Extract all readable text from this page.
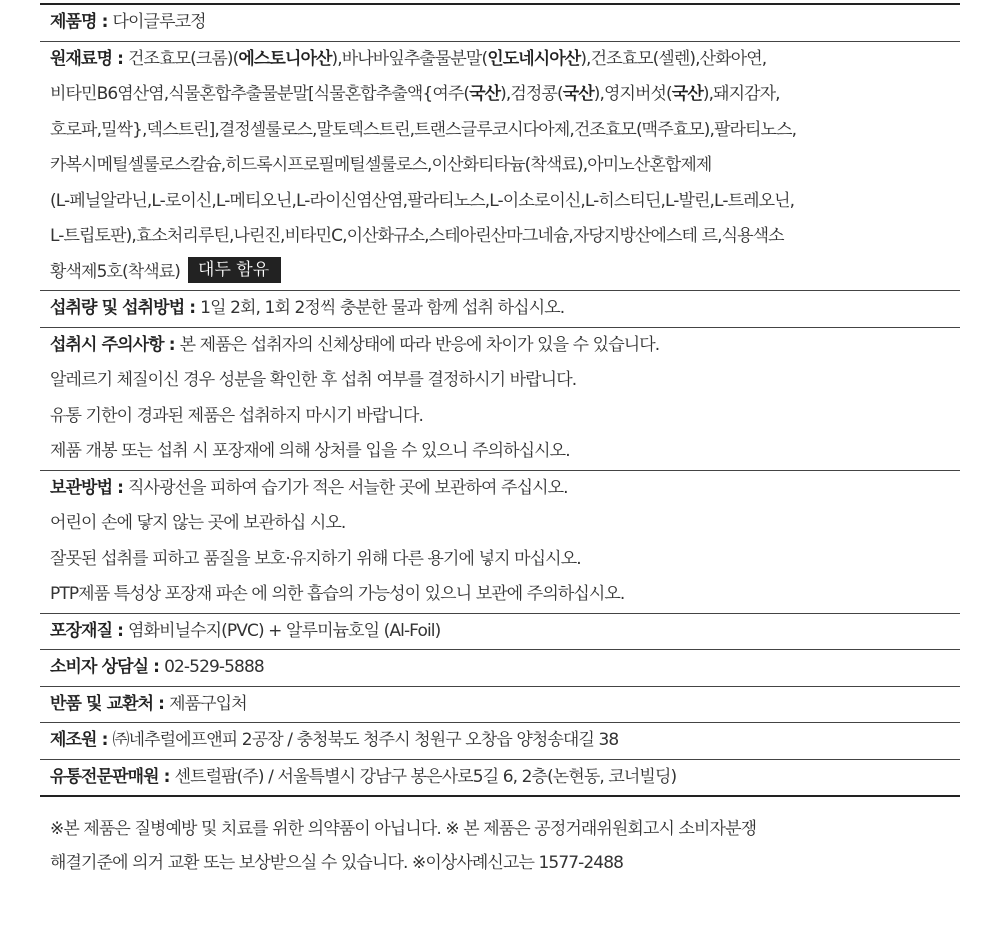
제품명 : 다이글루코정
원재료명 : 건조효모(크롬)(에스토니아산),바나바잎추출물분말(인도네시아산),건조효모(셀렌),산화아연,
비타민B6염산염,식물혼합추출물분말[식물혼합추출액{여주(국산),검정콩(국산),영지버섯(국산),돼지감자,
호로파,밀싹},덱스트린],결정셀룰로스,말토덱스트린,트랜스글루코시다아제,건조효모(맥주효모),팔라티노스,
카복시메틸셀룰로스칼슘,히드록시프로필메틸셀룰로스,이산화티타늄(착색료),아미노산혼합제제
(L-페닐알라닌,L-로이신,L-메티오닌,L-라이신염산염,팔라티노스,L-이소로이신,L-히스티딘,L-발린,L-트레오닌,
L-트립토판),효소처리루틴,나린진,비타민C,이산화규소,스테아린산마그네슘,자당지방산에스테 르,식용색소
황색제5호(착색료) 대두 함유
섭취량 및 섭취방법 : 1일 2회, 1회 2정씩 충분한 물과 함께 섭취 하십시오.
섭취시 주의사항 : 본 제품은 섭취자의 신체상태에 따라 반응에 차이가 있을 수 있습니다.
알레르기 체질이신 경우 성분을 확인한 후 섭취 여부를 결정하시기 바랍니다.
유통 기한이 경과된 제품은 섭취하지 마시기 바랍니다.
제품 개봉 또는 섭취 시 포장재에 의해 상처를 입을 수 있으니 주의하십시오.
보관방법 : 직사광선을 피하여 습기가 적은 서늘한 곳에 보관하여 주십시오.
어린이 손에 닿지 않는 곳에 보관하십 시오.
잘못된 섭취를 피하고 품질을 보호·유지하기 위해 다른 용기에 넣지 마십시오.
PTP제품 특성상 포장재 파손 에 의한 흡습의 가능성이 있으니 보관에 주의하십시오.
포장재질 : 염화비닐수지(PVC) + 알루미늄호일 (Al-Foil)
소비자 상담실 : 02-529-5888
반품 및 교환처 : 제품구입처
제조원 : ㈜네추럴에프앤피 2공장 / 충청북도 청주시 청원구 오창읍 양청송대길 38
유통전문판매원 : 센트럴팜(주) / 서울특별시 강남구 봉은사로5길 6, 2층(논현동, 코너빌딩)
※본 제품은 질병예방 및 치료를 위한 의약품이 아닙니다. ※ 본 제품은 공정거래위원회고시 소비자분쟁
해결기준에 의거 교환 또는 보상받으실 수 있습니다. ※이상사례신고는 1577-2488
